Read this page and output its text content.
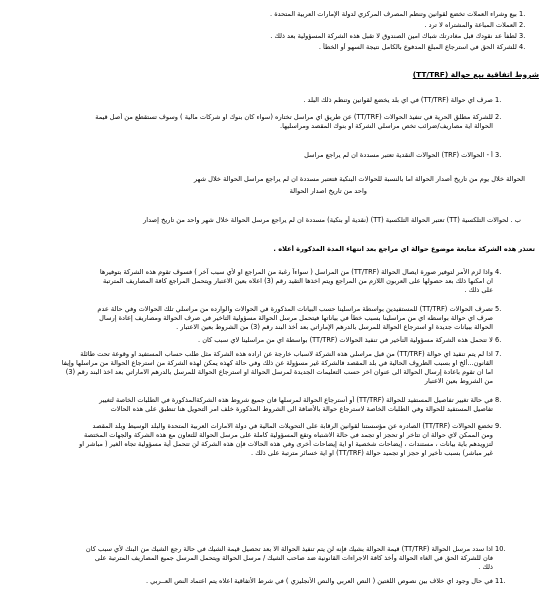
1. بيع وشراء العملات تخضع لقوانين وتنظم المصرف المركزي لدولة الإمارات العربية المتحدة .
2. العملات المباعة والمشتراه لا ترد .
3. لطفاً عد نقودك قبل مغادرتك شباك امين الصندوق لا تقبل هذه الشركة المسؤولية بعد ذلك .
4. للشركة الحق في استرجاع المبلغ المدفوع بالكامل نتيجة السهو أو الخطأ .
شروط اتفاقية بيع حوالة (TT/TRF)
1. صرف اي حوالة (TT/TRF) في اي بلد يخضع لقوانين وتنظم ذلك البلد .
2. للشركة مطلق الحرية في تنفيذ الحوالات (TT/TRF) عن طريق اي مراسل تختاره (سواء كان بنوك او شركات مالية ) وسوف تستقطع من أصل قيمة
الحوالة اية مصاريف/ضرائب تخص مراسلي الشركة او بنوك المقصد ومراسليها.
3. أ - الحوالات (TRF) الحوالات النقدية تعتبر مسددة ان لم يراجع مراسل
الحوالة خلال يوم من تاريخ أصدار الحوالة اما بالنسبة للحوالات البنكية فتعتبر مسددة ان لم يراجع مراسل الحوالة خلال شهر
واحد من تاريخ اصدار الحوالة
ب . لحوالات التلكسية (TT) تعتبر الحوالة التلكسية (TT) (نقدية أو بنكية) مسددة ان لم يراجع مرسل الحوالة خلال شهر واحد من تاريخ إصدار
تعتذر هذه الشركة متابعة موضوع حوالة اي مراجع بعد انتهاء المدة المذكورة أعلاه .
4. واذا لزم الأمر لتوفير صورة ايصال الحوالة (TT/TRF) من المراسل ( سواءاً رغبة من المراجع او لأي سبب آخر ) فسوف تقوم هذه الشركة بتوفيرها
ان امكنها ذلك بعد حصولها على العربون اللازم من المراجع ويتم اخذها التقيد رقم (3) اعلاه بعين الاعتبار ويتحمل المراجع كافة المصاريف المترتبة
على ذلك .
5. تصرف الحوالات (TT/TRF) للمستفيدين بواسطة مراسلينا حسب البيانات المذكورة في الحوالات والوارده من مراسلي تلك الحوالات وفي حالة عدم
صرف اي حوالة بواسطه اي من مراسلينا بسبب خطأ في بياناتها فيتحمل مرسل الحوالة مسؤولية التاخير في صرف الحوالة ومصاريف إعادة إرسال
الحوالة ببيانات جديدة او استرجاع الحوالة للمرسل بالدرهم الإماراتي بعد أخذ البند رقم (3) من الشروط بعين الاعتبار .
6. لا تتحمل هذه الشركة مسؤولية التأخير في تنفيذ الحوالات (TT/TRF) بواسطة اي من مراسلينا لاي سبب كان .
7. اذا لم يتم تنفيذ اي حوالة (TT/TRF) من قبل مراسلي هذه الشركة لاسباب خارجة عن اراده هذه الشركة مثل طلب حساب المستفيد او وقوعة تحت طائلة
القانون...ألخ او بسبب الظروف الحالية في بلد المقصد فالشركة غير مسؤولة عن ذلك وفي حالة كهذه يمكن لهذه الشركة من استرجاع الحوالة من مراسلها وإيفا
اما ان تقوم باعادة إرسال الحوالة الى عنوان اخر حسب التعليمات الجديدة لمرسل الحوالة او استرجاع الحوالة للمرسل بالدرهم الاماراتي بعد اخذ البند رقم (3)
من الشروط بعين الاعتبار
8. في حالة تغيير تفاصيل المستفيد للحوالة (TT/TRF) أو أسترجاع الحوالة لمرسلها فان جميع شروط هذه الشركةالمذكورة في الطلبات الخاصة لتغيير
تفاصيل المستفيد للحوالة وفي الطلبات الخاصة لاسترجاع حوالة بالأضافة الى الشروط المذكورة خلف امر التحويل هنا تنطبق على هذه الحالات
9. تخضع الحوالات (TT/TRF) الصادره عن مؤسستنا لقوانين الرقابة على التحويلات المالية في دولة الامارات العربية المتحدة والبلد الوسيط وبلد المقصد
ومن الممكن لاي حوالة ان تتاخر او تحجز او تجمد في حالة الاشتباه وتقع المسؤولية كاملة على مرسل الحوالة للتعاون مع هذه الشركة والجهات المختصة
لتزويدهم باية بيانات ، مستندات ، إيضاحات شخصية او اية إيضاحات أخرى وفي هذه الحالات فإن هذه الشركة لن تتحمل أية مسؤولية تجاه الغير ( مباشر او
غير مباشر) بسبب تأخير او حجز او تجميد حوالة (TT/TRF) او اية خسائر مترتبة على ذلك .
10. اذا سدد مرسل الحوالة (TT/TRF) قيمة الحوالة بشيك فإنه لن يتم تنفيذ الحوالة الا بعد تحصيل قيمة الشيك في حالة رجع الشيك من البنك لأي سبب كان
فان للشركة الحق في الغاء الحوالة وأخذ كافة الاجراءات القانونية ضد صاحب الشيك / مرسل الحوالة ويتحمل المرسل جميع المصاريف المترتبة على
ذلك .
11. في حال وجود اي خلاف بين نصوص اللغتين ( النص العربي والنص الأنجليزي ) في شرط الأتفاقية اعلاه يتم اعتماد النص العــربي .
